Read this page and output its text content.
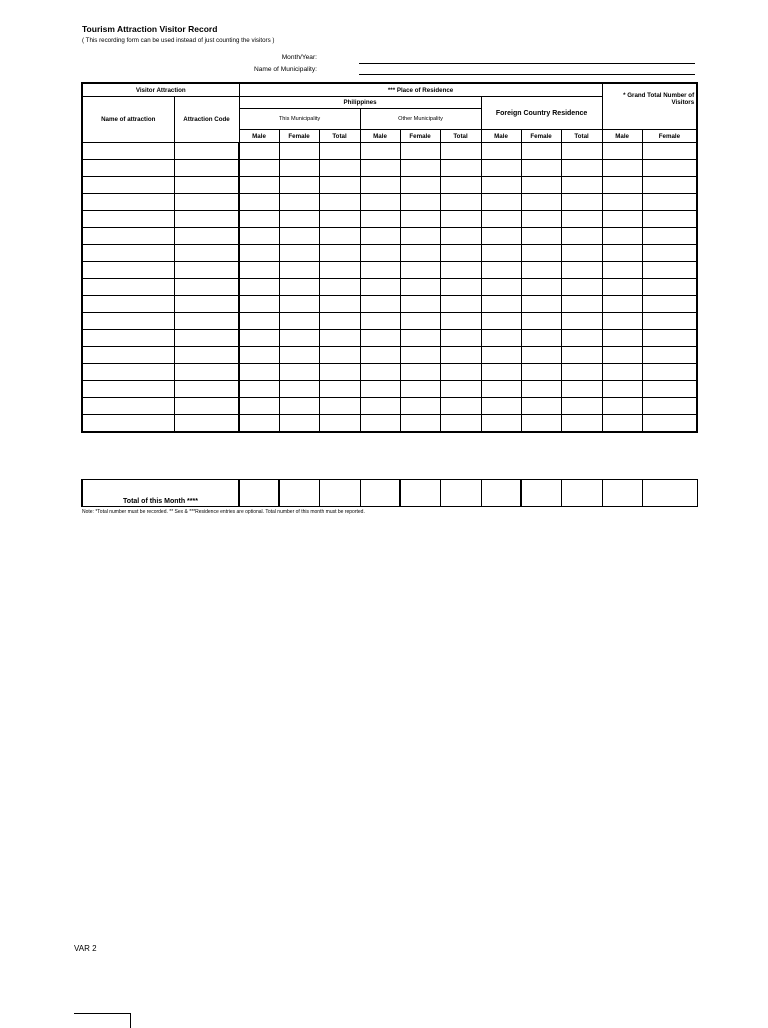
Tourism Attraction Visitor Record
( This recording form can be used instead of just counting the visitors )
Month/Year:
Name of Municipality:
Visitor Attraction		*** Place of Residence									* Grand Total Number of Visitors	
Name of attraction	Attraction Code	Philippines						Foreign Country Residence				
		This Municipality			Other Municipality							
		Male	Female	Total	Male	Female	Total	Male	Female	Total	Male	Female

Total of this Month ****											
Note: *Total number must be recorded. ** Sex & ***Residence entries are optional. Total number of this month must be reported.
VAR 2
